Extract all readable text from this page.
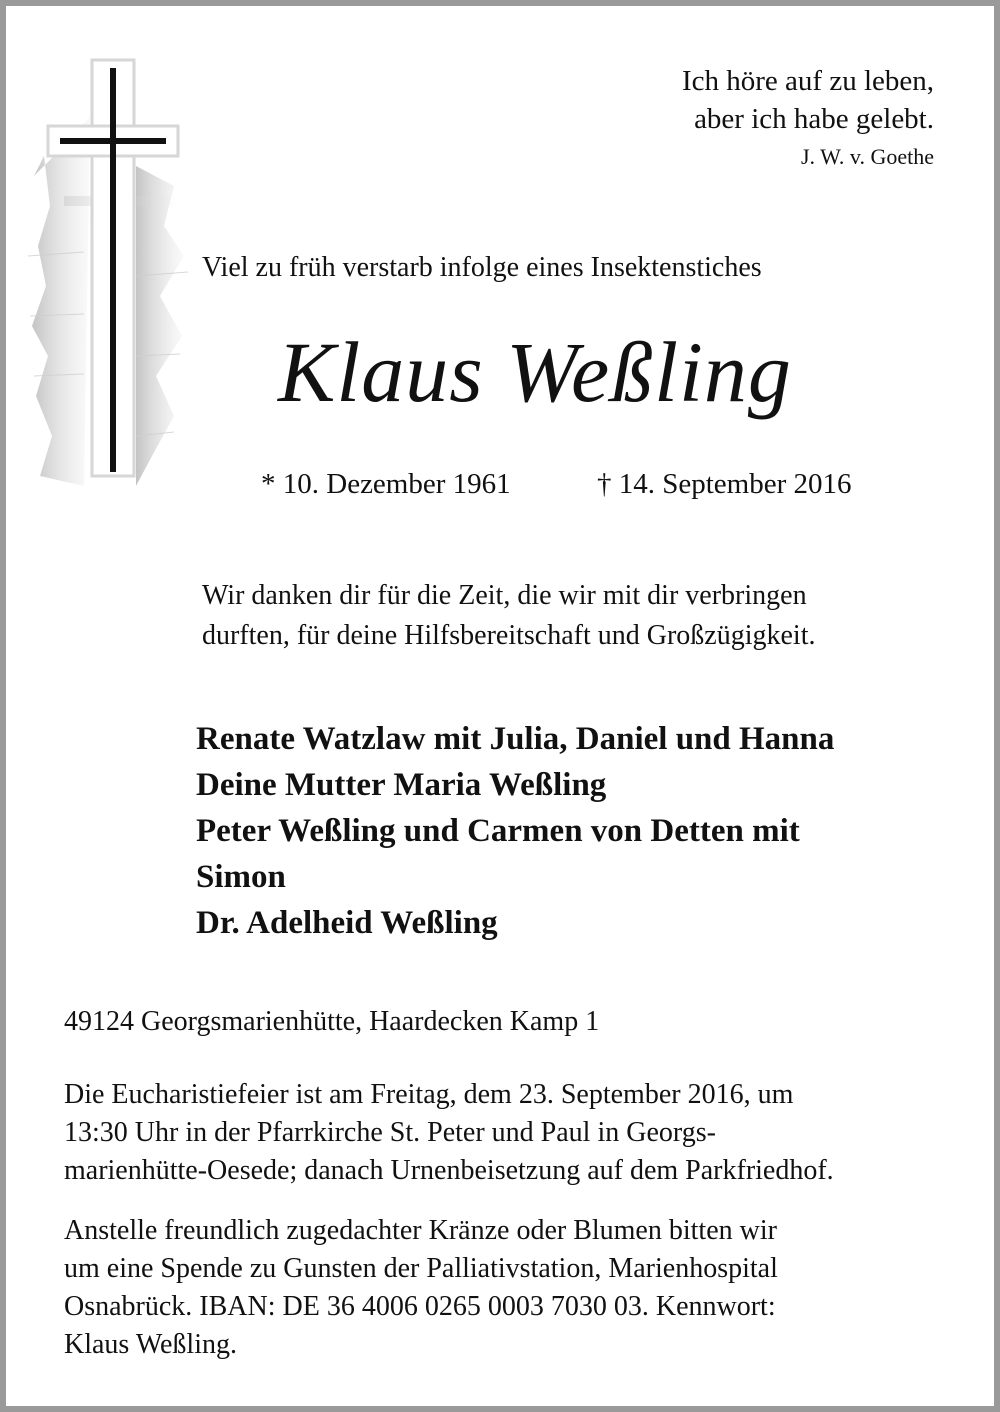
Ich höre auf zu leben,
aber ich habe gelebt.
J. W. v. Goethe
Viel zu früh verstarb infolge eines Insektenstiches
Klaus Weßling
* 10. Dezember 1961	† 14. September 2016
Wir danken dir für die Zeit, die wir mit dir verbringen
durften, für deine Hilfsbereitschaft und Großzügigkeit.
Renate Watzlaw mit Julia, Daniel und Hanna
Deine Mutter Maria Weßling
Peter Weßling und Carmen von Detten mit
Simon
Dr. Adelheid Weßling
49124 Georgsmarienhütte, Haardecken Kamp 1
Die Eucharistiefeier ist am Freitag, dem 23. September 2016, um
13:30 Uhr in der Pfarrkirche St. Peter und Paul in Georgs-
marienhütte-Oesede; danach Urnenbeisetzung auf dem Parkfriedhof.
Anstelle freundlich zugedachter Kränze oder Blumen bitten wir
um eine Spende zu Gunsten der Palliativstation, Marienhospital
Osnabrück. IBAN: DE 36 4006 0265 0003 7030 03. Kennwort:
Klaus Weßling.
